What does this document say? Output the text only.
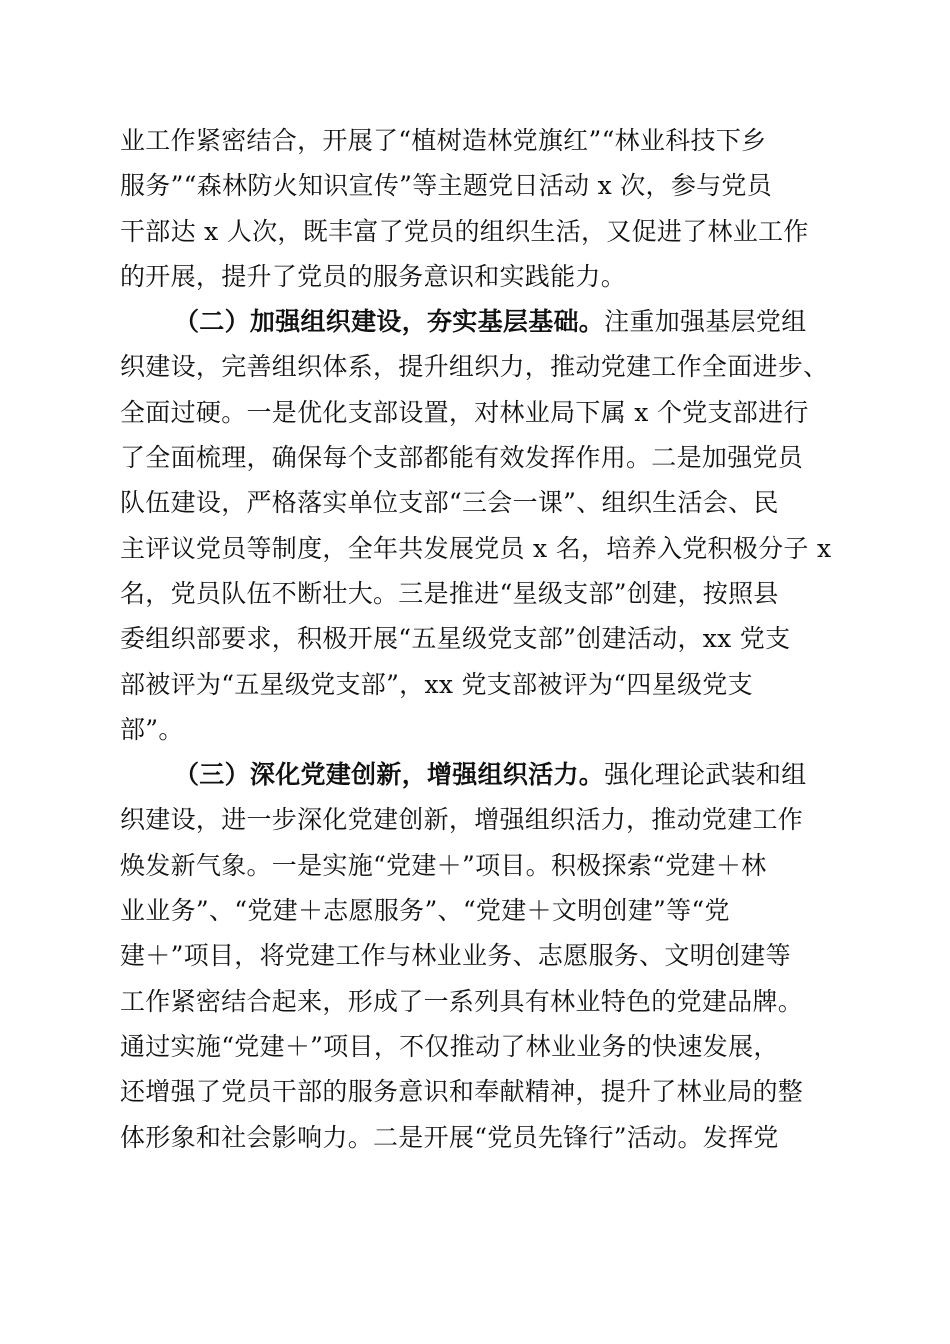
业工作紧密结合，开展了“植树造林党旗红”“林业科技下乡
服务”“森林防火知识宣传”等主题党日活动 x 次，参与党员
干部达 x 人次，既丰富了党员的组织生活，又促进了林业工作
的开展，提升了党员的服务意识和实践能力。
（二）加强组织建设，夯实基层基础。注重加强基层党组
织建设，完善组织体系，提升组织力，推动党建工作全面进步、
全面过硬。一是优化支部设置，对林业局下属 x 个党支部进行
了全面梳理，确保每个支部都能有效发挥作用。二是加强党员
队伍建设，严格落实单位支部“三会一课”、组织生活会、民
主评议党员等制度，全年共发展党员 x 名，培养入党积极分子 x
名，党员队伍不断壮大。三是推进“星级支部”创建，按照县
委组织部要求，积极开展“五星级党支部”创建活动，xx 党支
部被评为“五星级党支部”，xx 党支部被评为“四星级党支
部”。
（三）深化党建创新，增强组织活力。强化理论武装和组
织建设，进一步深化党建创新，增强组织活力，推动党建工作
焕发新气象。一是实施“党建＋”项目。积极探索“党建＋林
业业务”、“党建＋志愿服务”、“党建＋文明创建”等“党
建＋”项目，将党建工作与林业业务、志愿服务、文明创建等
工作紧密结合起来，形成了一系列具有林业特色的党建品牌。
通过实施“党建＋”项目，不仅推动了林业业务的快速发展，
还增强了党员干部的服务意识和奉献精神，提升了林业局的整
体形象和社会影响力。二是开展“党员先锋行”活动。发挥党
